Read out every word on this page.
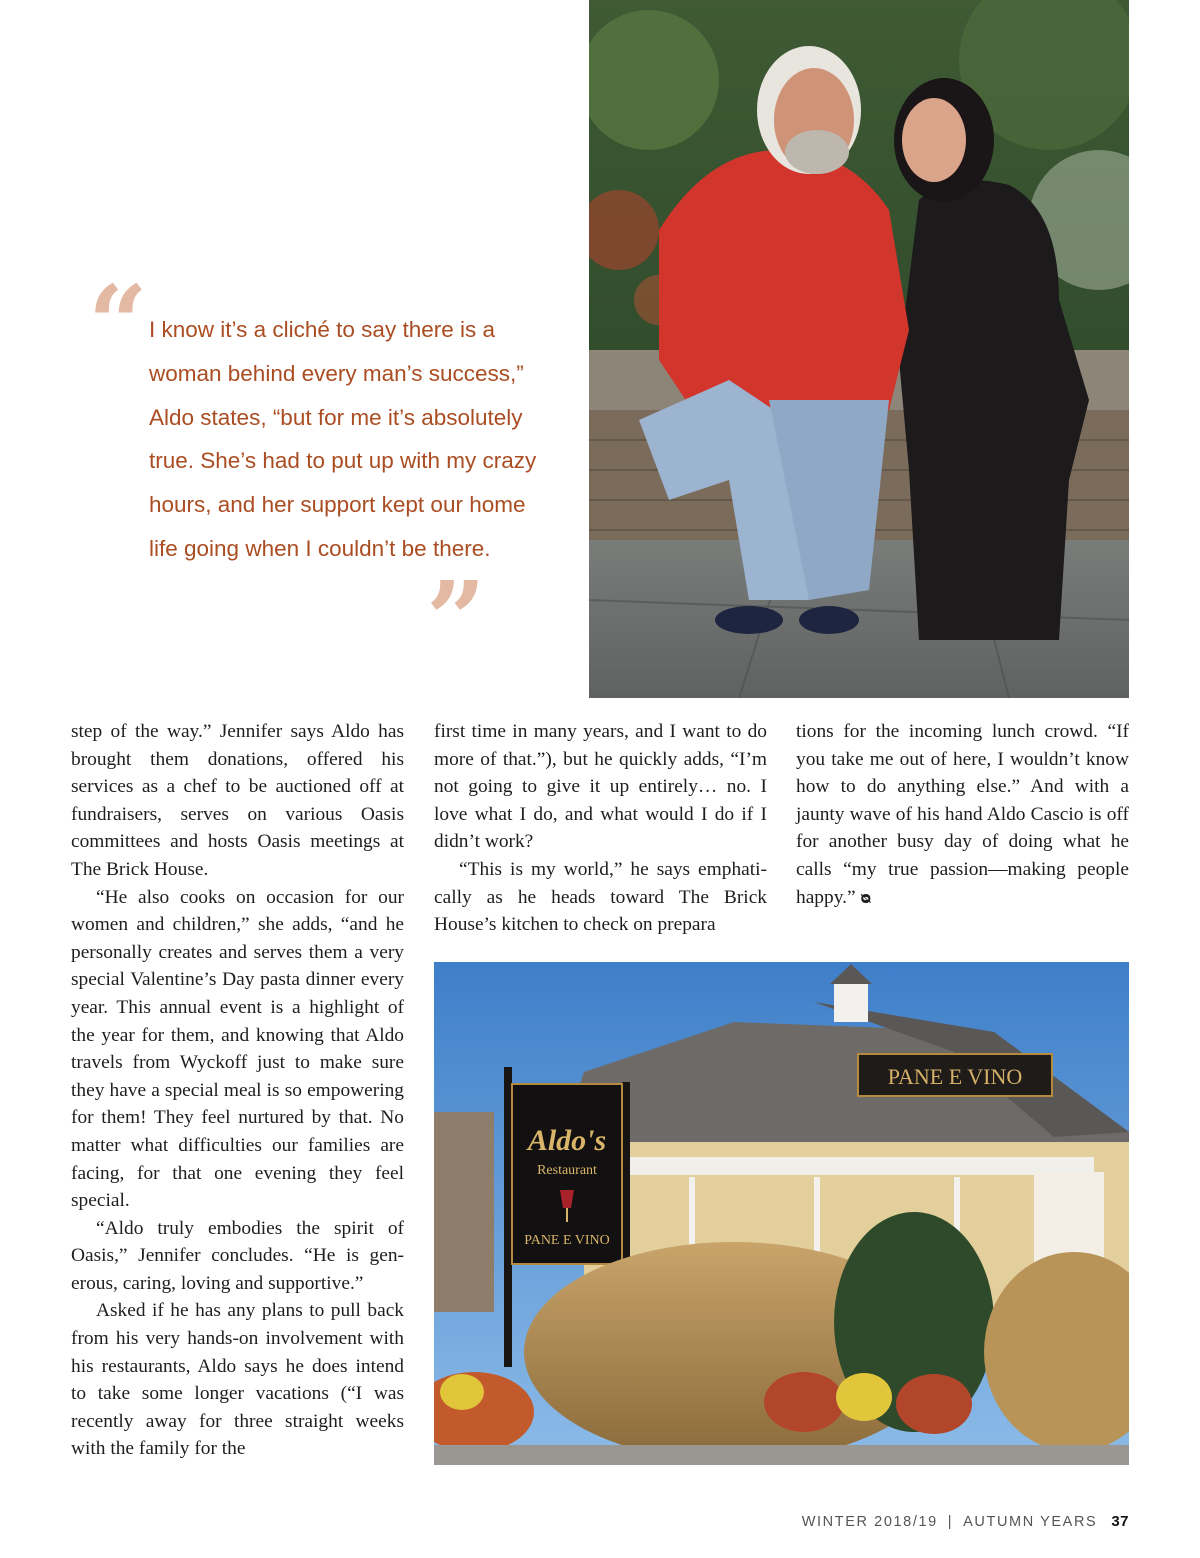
“ I know it’s a cliché to say there is a woman behind every man’s success,” Aldo states, “but for me it’s absolutely true. She’s had to put up with my crazy hours, and her support kept our home life going when I couldn’t be there.
”

step of the way.” Jennifer says Aldo has brought them donations, offered his services as a chef to be auctioned off at fundraisers, serves on various Oasis committees and hosts Oasis meetings at The Brick House.

“He also cooks on occasion for our women and children,” she adds, “and he personally creates and serves them a very special Valentine’s Day pasta dinner every year. This annual event is a highlight of the year for them, and knowing that Aldo travels from Wyckoff just to make sure they have a special meal is so empowering for them! They feel nurtured by that. No matter what difficulties our families are facing, for that one evening they feel special.

“Aldo truly embodies the spirit of Oasis,” Jennifer concludes. “He is generous, caring, loving and supportive.”

Asked if he has any plans to pull back from his very hands-on involvement with his restaurants, Aldo says he does intend to take some longer vacations (“I was recently away for three straight weeks with the family for the

first time in many years, and I want to do more of that.”), but he quickly adds, “I’m not going to give it up entirely… no. I love what I do, and what would I do if I didn’t work?

“This is my world,” he says emphatically as he heads toward The Brick House’s kitchen to check on prepara

tions for the incoming lunch crowd. “If you take me out of here, I wouldn’t know how to do anything else.” And with a jaunty wave of his hand Aldo Cascio is off for another busy day of doing what he calls “my true passion—making people happy.” ᴓ

PANE E VINO
Aldo's
Restaurant
PANE E VINO
WINTER 2018/19 | AUTUMN YEARS 37
